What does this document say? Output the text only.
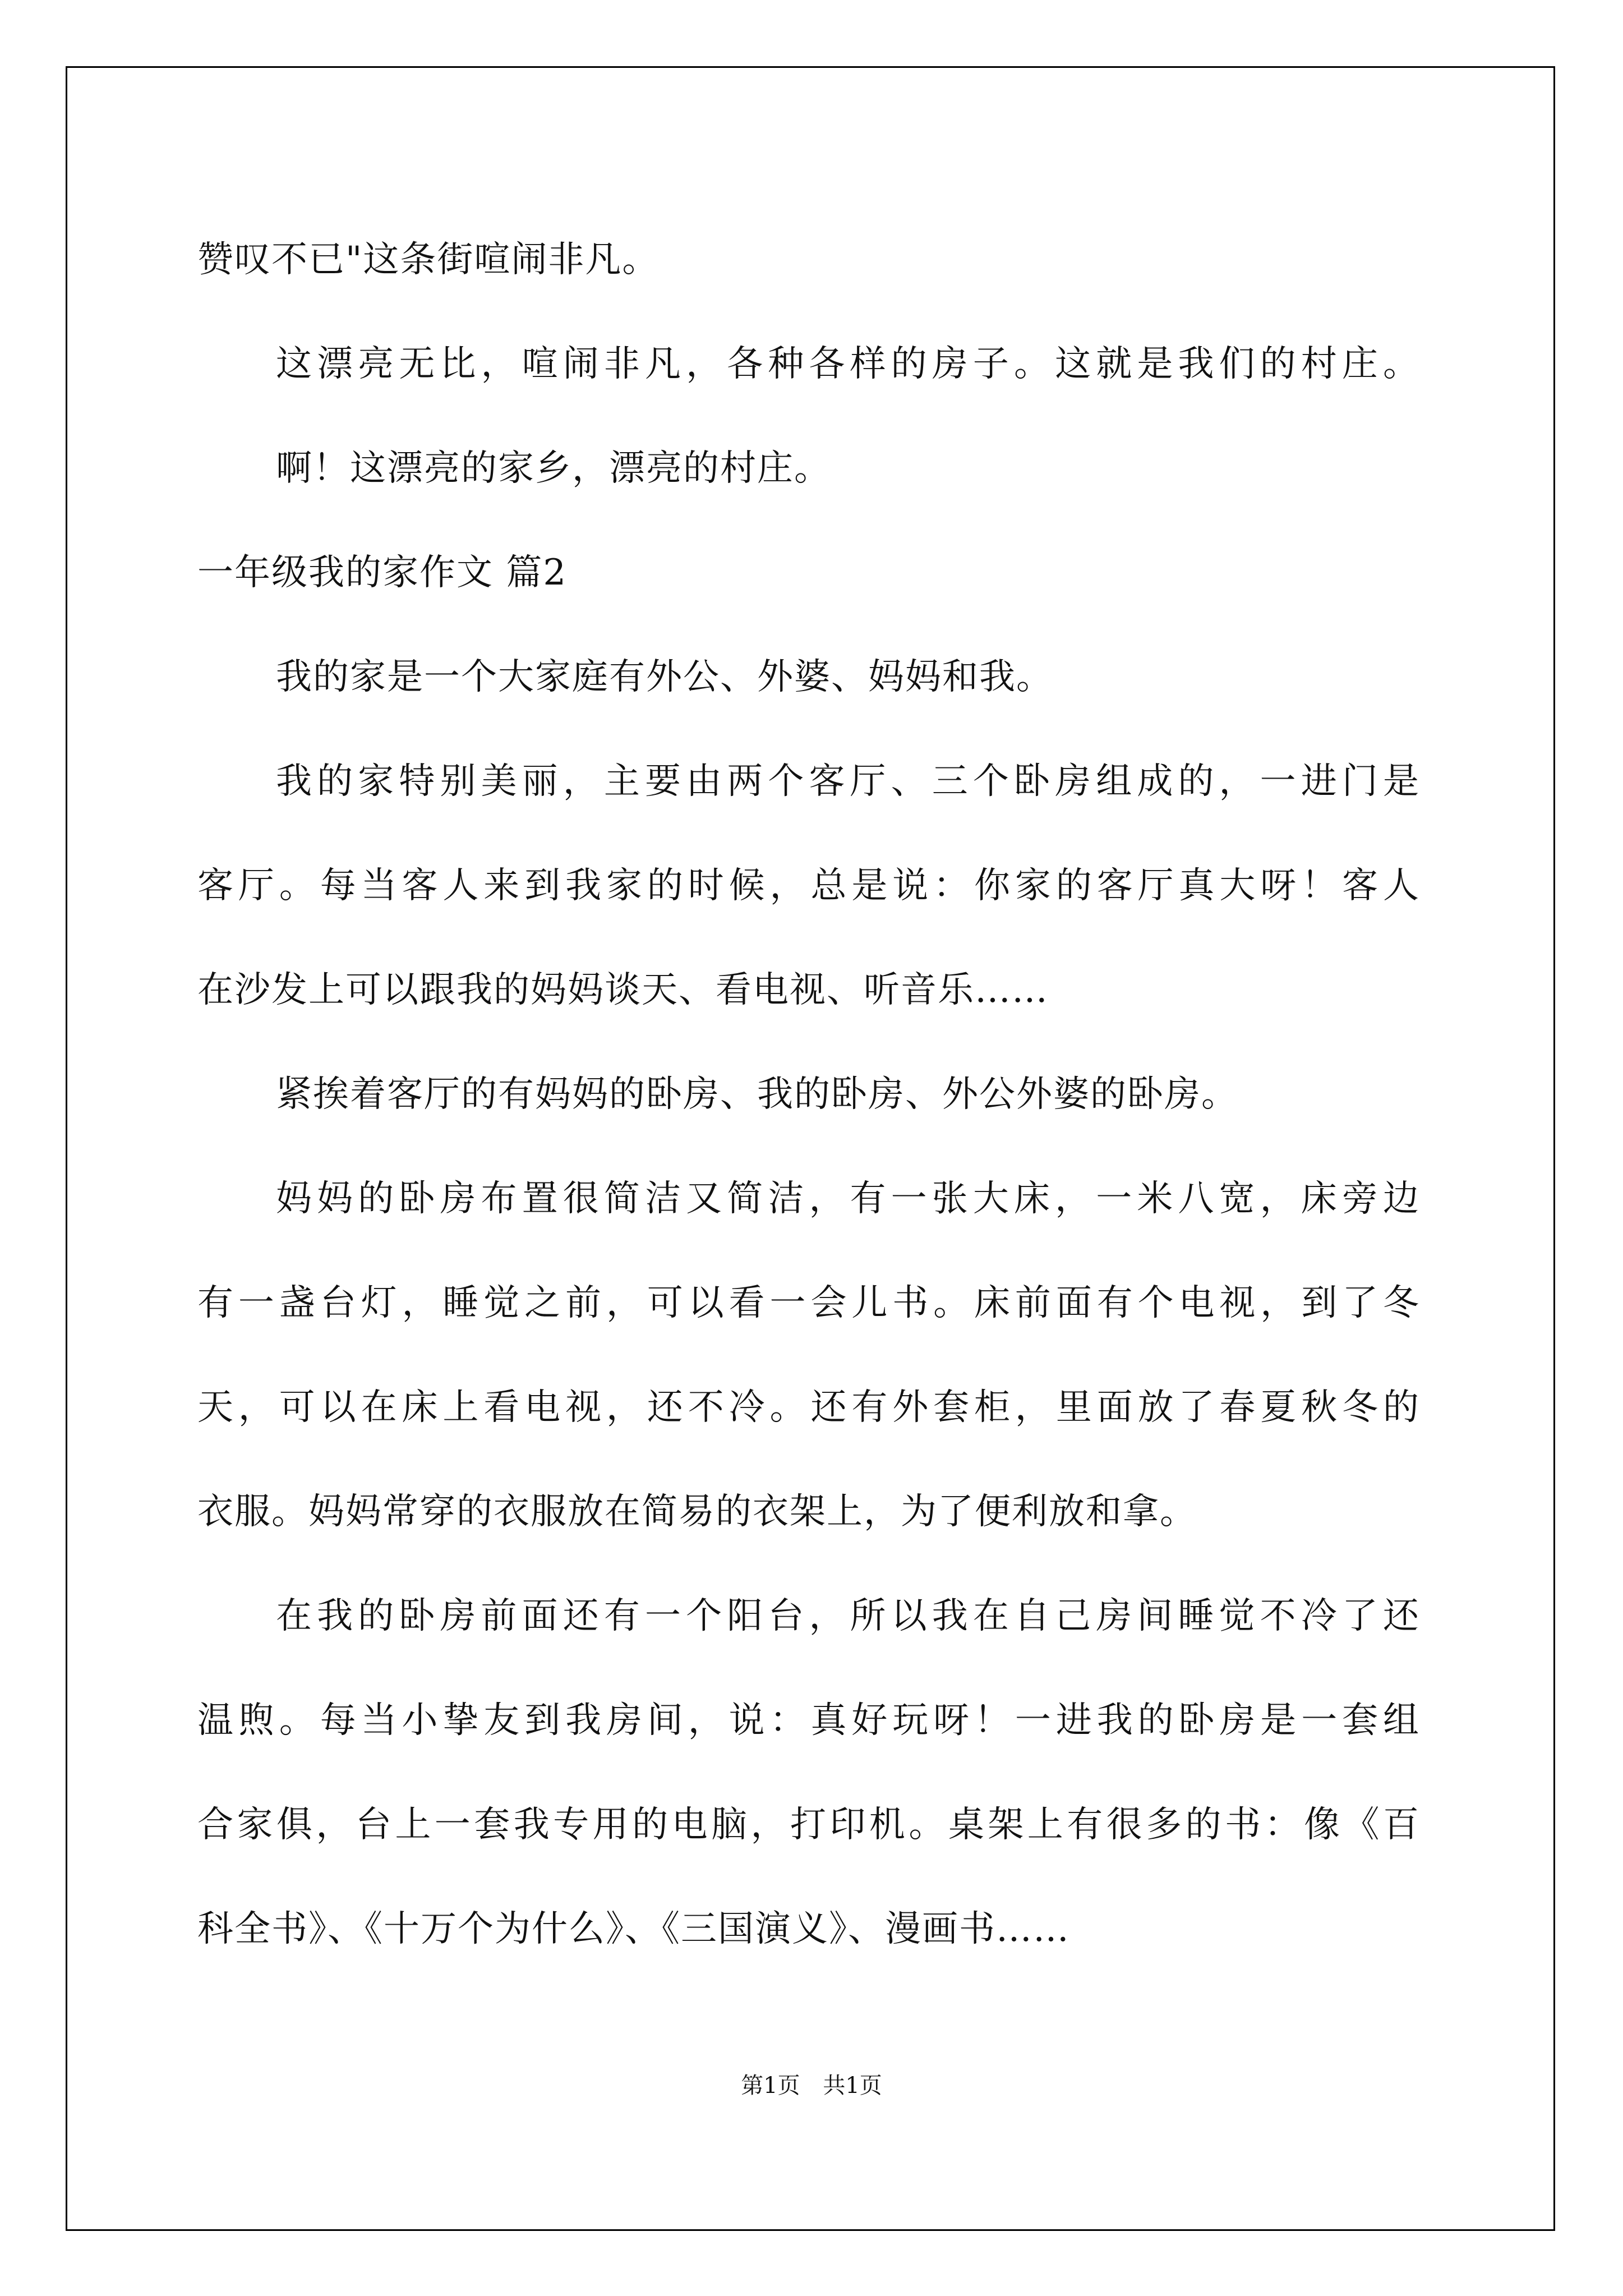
赞叹不已"这条街喧闹非凡。
这漂亮无比，喧闹非凡，各种各样的房子。这就是我们的村庄。
啊！这漂亮的家乡，漂亮的村庄。
一年级我的家作文 篇2
我的家是一个大家庭有外公、外婆、妈妈和我。
我的家特别美丽，主要由两个客厅、三个卧房组成的，一进门是
客厅。每当客人来到我家的时候，总是说：你家的客厅真大呀！客人
在沙发上可以跟我的妈妈谈天、看电视、听音乐……
紧挨着客厅的有妈妈的卧房、我的卧房、外公外婆的卧房。
妈妈的卧房布置很简洁又简洁，有一张大床，一米八宽，床旁边
有一盏台灯，睡觉之前，可以看一会儿书。床前面有个电视，到了冬
天，可以在床上看电视，还不冷。还有外套柜，里面放了春夏秋冬的
衣服。妈妈常穿的衣服放在简易的衣架上，为了便利放和拿。
在我的卧房前面还有一个阳台，所以我在自己房间睡觉不冷了还
温煦。每当小挚友到我房间，说：真好玩呀！一进我的卧房是一套组
合家俱，台上一套我专用的电脑，打印机。桌架上有很多的书：像《百
科全书》、《十万个为什么》、《三国演义》、漫画书……
第1页 共1页
